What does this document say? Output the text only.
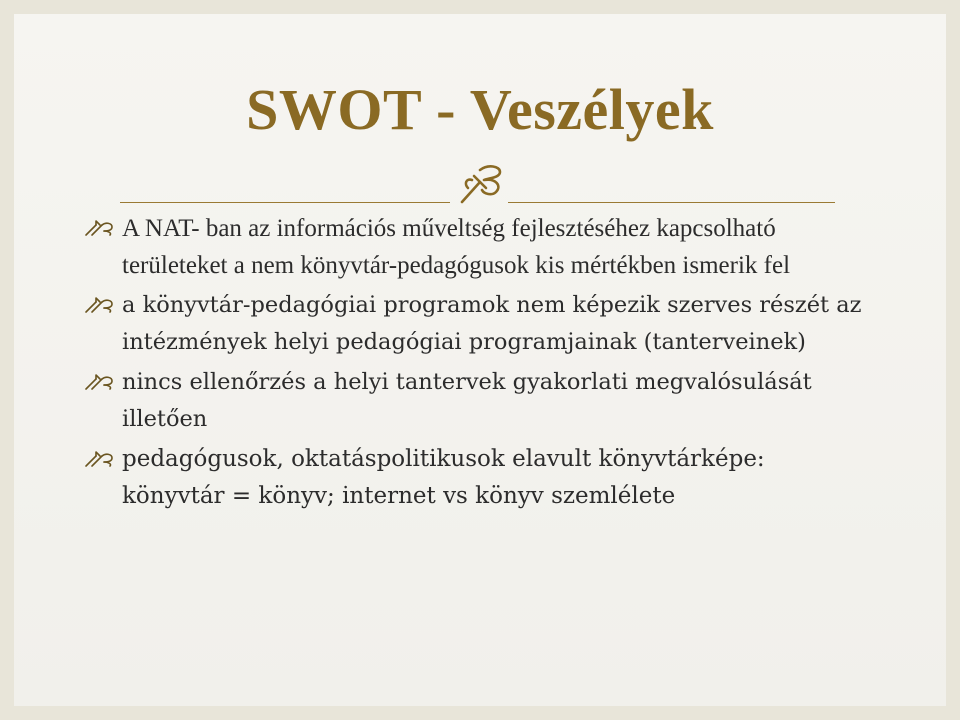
SWOT - Veszélyek
A NAT- ban az információs műveltség fejlesztéséhez kapcsolható területeket a nem könyvtár-pedagógusok kis mértékben ismerik fel
a könyvtár-pedagógiai programok nem képezik szerves részét az intézmények helyi pedagógiai programjainak (tanterveinek)
nincs ellenőrzés a helyi tantervek gyakorlati megvalósulását illetően
pedagógusok, oktatáspolitikusok elavult könyvtárképe: könyvtár = könyv; internet vs könyv szemlélete
